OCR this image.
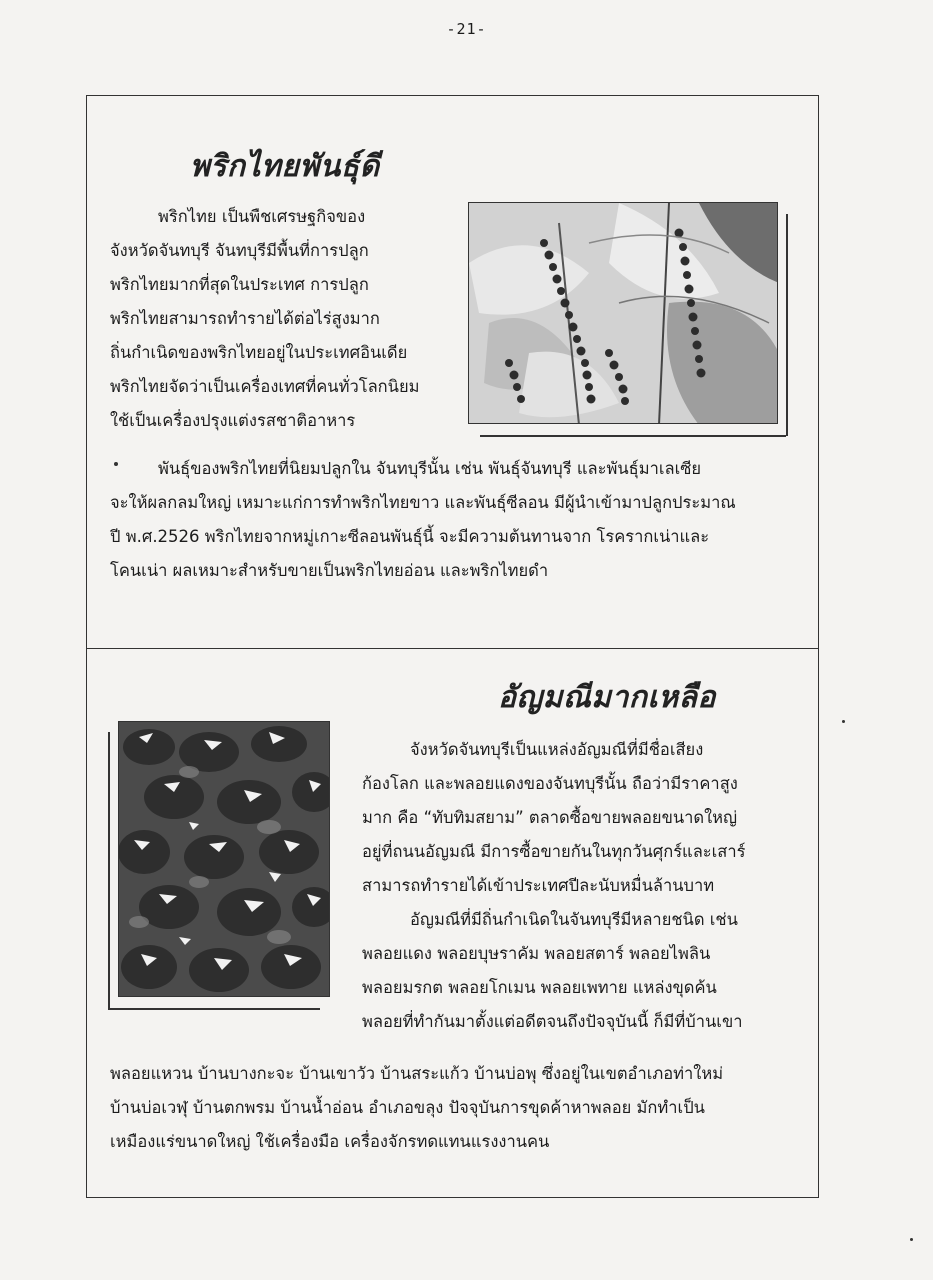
-21-
พริกไทยพันธุ์ดี
พริกไทย เป็นพืชเศรษฐกิจของ
จังหวัดจันทบุรี จันทบุรีมีพื้นที่การปลูก
พริกไทยมากที่สุดในประเทศ การปลูก
พริกไทยสามารถทำรายได้ต่อไร่สูงมาก
ถิ่นกำเนิดของพริกไทยอยู่ในประเทศอินเดีย
พริกไทยจัดว่าเป็นเครื่องเทศที่คนทั่วโลกนิยม
ใช้เป็นเครื่องปรุงแต่งรสชาติอาหาร
พันธุ์ของพริกไทยที่นิยมปลูกใน จันทบุรีนั้น เช่น พันธุ์จันทบุรี และพันธุ์มาเลเซีย
จะให้ผลกลมใหญ่ เหมาะแก่การทำพริกไทยขาว และพันธุ์ซีลอน มีผู้นำเข้ามาปลูกประมาณ
ปี พ.ศ.2526 พริกไทยจากหมู่เกาะซีลอนพันธุ์นี้ จะมีความต้นทานจาก โรครากเน่าและ
โคนเน่า ผลเหมาะสำหรับขายเป็นพริกไทยอ่อน และพริกไทยดำ
อัญมณีมากเหลือ
จังหวัดจันทบุรีเป็นแหล่งอัญมณีที่มีชื่อเสียง
ก้องโลก และพลอยแดงของจันทบุรีนั้น ถือว่ามีราคาสูง
มาก คือ “ทับทิมสยาม” ตลาดซื้อขายพลอยขนาดใหญ่
อยู่ที่ถนนอัญมณี มีการซื้อขายกันในทุกวันศุกร์และเสาร์
สามารถทำรายได้เข้าประเทศปีละนับหมื่นล้านบาท
อัญมณีที่มีถิ่นกำเนิดในจันทบุรีมีหลายชนิด เช่น
พลอยแดง พลอยบุษราคัม พลอยสตาร์ พลอยไพลิน
พลอยมรกต พลอยโกเมน พลอยเพทาย แหล่งขุดค้น
พลอยที่ทำกันมาตั้งแต่อดีตจนถึงปัจจุบันนี้ ก็มีที่บ้านเขา
พลอยแหวน บ้านบางกะจะ บ้านเขาวัว บ้านสระแก้ว บ้านบ่อพุ ซึ่งอยู่ในเขตอำเภอท่าใหม่
บ้านบ่อเวฬุ บ้านตกพรม บ้านน้ำอ่อน อำเภอขลุง ปัจจุบันการขุดค้าหาพลอย มักทำเป็น
เหมืองแร่ขนาดใหญ่ ใช้เครื่องมือ เครื่องจักรทดแทนแรงงานคน
